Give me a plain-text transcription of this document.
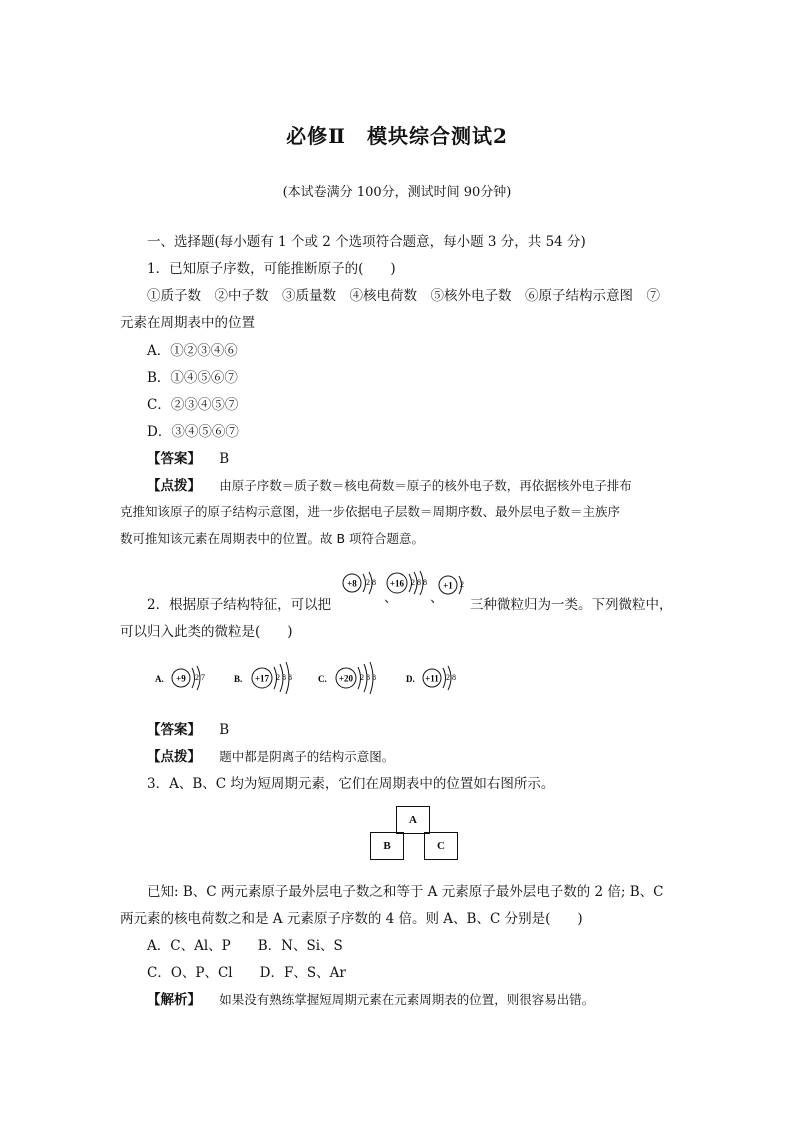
必修Ⅱ　模块综合测试2
(本试卷满分 100分，测试时间 90分钟)
一、选择题(每小题有 1 个或 2 个选项符合题意，每小题 3 分，共 54 分)
1．已知原子序数，可能推断原子的(　　)
①质子数　②中子数　③质量数　④核电荷数　⑤核外电子数　⑥原子结构示意图　⑦
元素在周期表中的位置
A．①②③④⑥
B．①④⑤⑥⑦
C．②③④⑤⑦
D．③④⑤⑥⑦
【答案】 B
【点拨】 由原子序数＝质子数＝核电荷数＝原子的核外电子数，再依据核外电子排布
克推知该原子的原子结构示意图，进一步依据电子层数＝周期序数、最外层电子数＝主族序
数可推知该元素在周期表中的位置。故 B 项符合题意。
2．根据原子结构特征，可以把
+8 2 8
、
+16 2 8 8
、
+1 2
三种微粒归为一类。下列微粒中，
可以归入此类的微粒是(　　)
A. +9 2 7	B. +17 2 8 8	C. +20 2 8 8	D. +11 2 8
【答案】 B
【点拨】 题中都是阴离子的结构示意图。
3．A、B、C 均为短周期元素，它们在周期表中的位置如右图所示。
A
B	C
已知: B、C 两元素原子最外层电子数之和等于 A 元素原子最外层电子数的 2 倍; B、C
两元素的核电荷数之和是 A 元素原子序数的 4 倍。则 A、B、C 分别是(　　)
A．C、Al、P　　B．N、Si、S
C．O、P、Cl　　D．F、S、Ar
【解析】 如果没有熟练掌握短周期元素在元素周期表的位置，则很容易出错。
